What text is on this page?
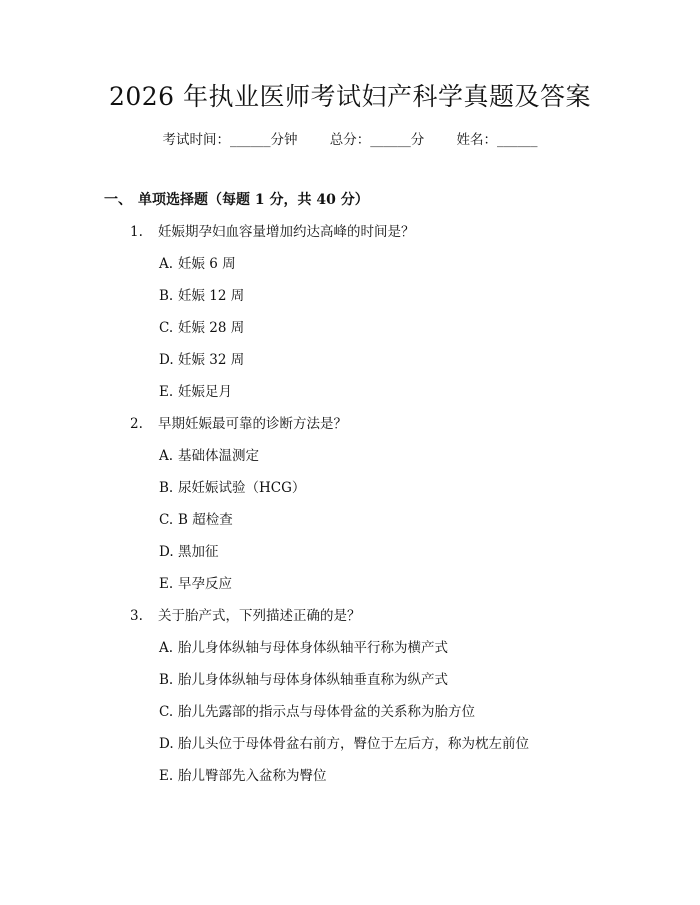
2026 年执业医师考试妇产科学真题及答案
考试时间：______分钟 总分：______分 姓名：______
一、 单项选择题（每题 1 分，共 40 分）
1. 妊娠期孕妇血容量增加约达高峰的时间是？
A. 妊娠 6 周
B. 妊娠 12 周
C. 妊娠 28 周
D. 妊娠 32 周
E. 妊娠足月
2. 早期妊娠最可靠的诊断方法是？
A. 基础体温测定
B. 尿妊娠试验（HCG）
C. B 超检查
D. 黑加征
E. 早孕反应
3. 关于胎产式，下列描述正确的是？
A. 胎儿身体纵轴与母体身体纵轴平行称为横产式
B. 胎儿身体纵轴与母体身体纵轴垂直称为纵产式
C. 胎儿先露部的指示点与母体骨盆的关系称为胎方位
D. 胎儿头位于母体骨盆右前方，臀位于左后方，称为枕左前位
E. 胎儿臀部先入盆称为臀位
